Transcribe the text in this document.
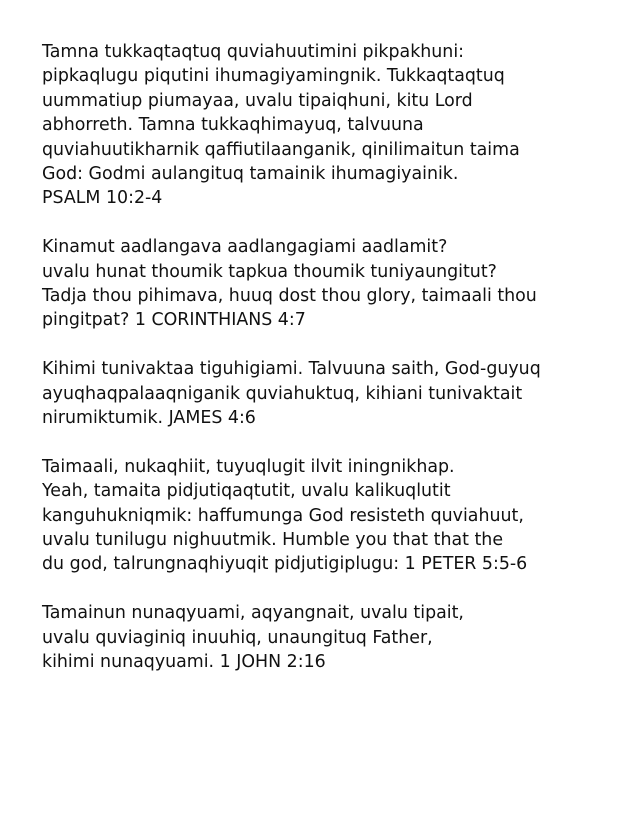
Tamna tukkaqtaqtuq quviahuutimini pikpakhuni:
pipkaqlugu piqutini ihumagiyamingnik. Tukkaqtaqtuq
uummatiup piumayaa, uvalu tipaiqhuni, kitu Lord
abhorreth. Tamna tukkaqhimayuq, talvuuna
quviahuutikharnik qaffiutilaanganik, qinilimaitun taima
God: Godmi aulangituq tamainik ihumagiyainik.
PSALM 10:2-4
Kinamut aadlangava aadlangagiami aadlamit?
uvalu hunat thoumik tapkua thoumik tuniyaungitut?
Tadja thou pihimava, huuq dost thou glory, taimaali thou
pingitpat? 1 CORINTHIANS 4:7
Kihimi tunivaktaa tiguhigiami. Talvuuna saith, God-guyuq
ayuqhaqpalaaqniganik quviahuktuq, kihiani tunivaktait
nirumiktumik. JAMES 4:6
Taimaali, nukaqhiit, tuyuqlugit ilvit iningnikhap.
Yeah, tamaita pidjutiqaqtutit, uvalu kalikuqlutit
kanguhukniqmik: haffumunga God resisteth quviahuut,
uvalu tunilugu nighuutmik. Humble you that that the
du god, talrungnaqhiyuqit pidjutigiplugu: 1 PETER 5:5-6
Tamainun nunaqyuami, aqyangnait, uvalu tipait,
uvalu quviaginiq inuuhiq, unaungituq Father,
kihimi nunaqyuami. 1 JOHN 2:16
